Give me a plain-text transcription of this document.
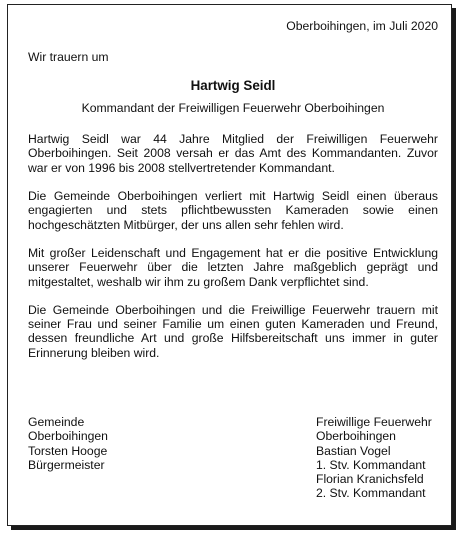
Oberboihingen, im Juli 2020
Wir trauern um
Hartwig Seidl
Kommandant der Freiwilligen Feuerwehr Oberboihingen

Hartwig Seidl war 44 Jahre Mitglied der Freiwilligen Feuerwehr Oberboihingen. Seit 2008 versah er das Amt des Kommandanten. Zuvor war er von 1996 bis 2008 stellvertretender Kommandant.

Die Gemeinde Oberboihingen verliert mit Hartwig Seidl einen überaus engagierten und stets pflichtbewussten Kameraden sowie einen hochgeschätzten Mitbürger, der uns allen sehr fehlen wird.

Mit großer Leidenschaft und Engagement hat er die positive Entwicklung unserer Feuerwehr über die letzten Jahre maßgeblich geprägt und mitgestaltet, weshalb wir ihm zu großem Dank verpflichtet sind.

Die Gemeinde Oberboihingen und die Freiwillige Feuerwehr trauern mit seiner Frau und seiner Familie um einen guten Kameraden und Freund, dessen freundliche Art und große Hilfsbereitschaft uns immer in guter Erinnerung bleiben wird.

Gemeinde
Oberboihingen
Torsten Hooge
Bürgermeister
Freiwillige Feuerwehr
Oberboihingen
Bastian Vogel
1. Stv. Kommandant
Florian Kranichsfeld
2. Stv. Kommandant
